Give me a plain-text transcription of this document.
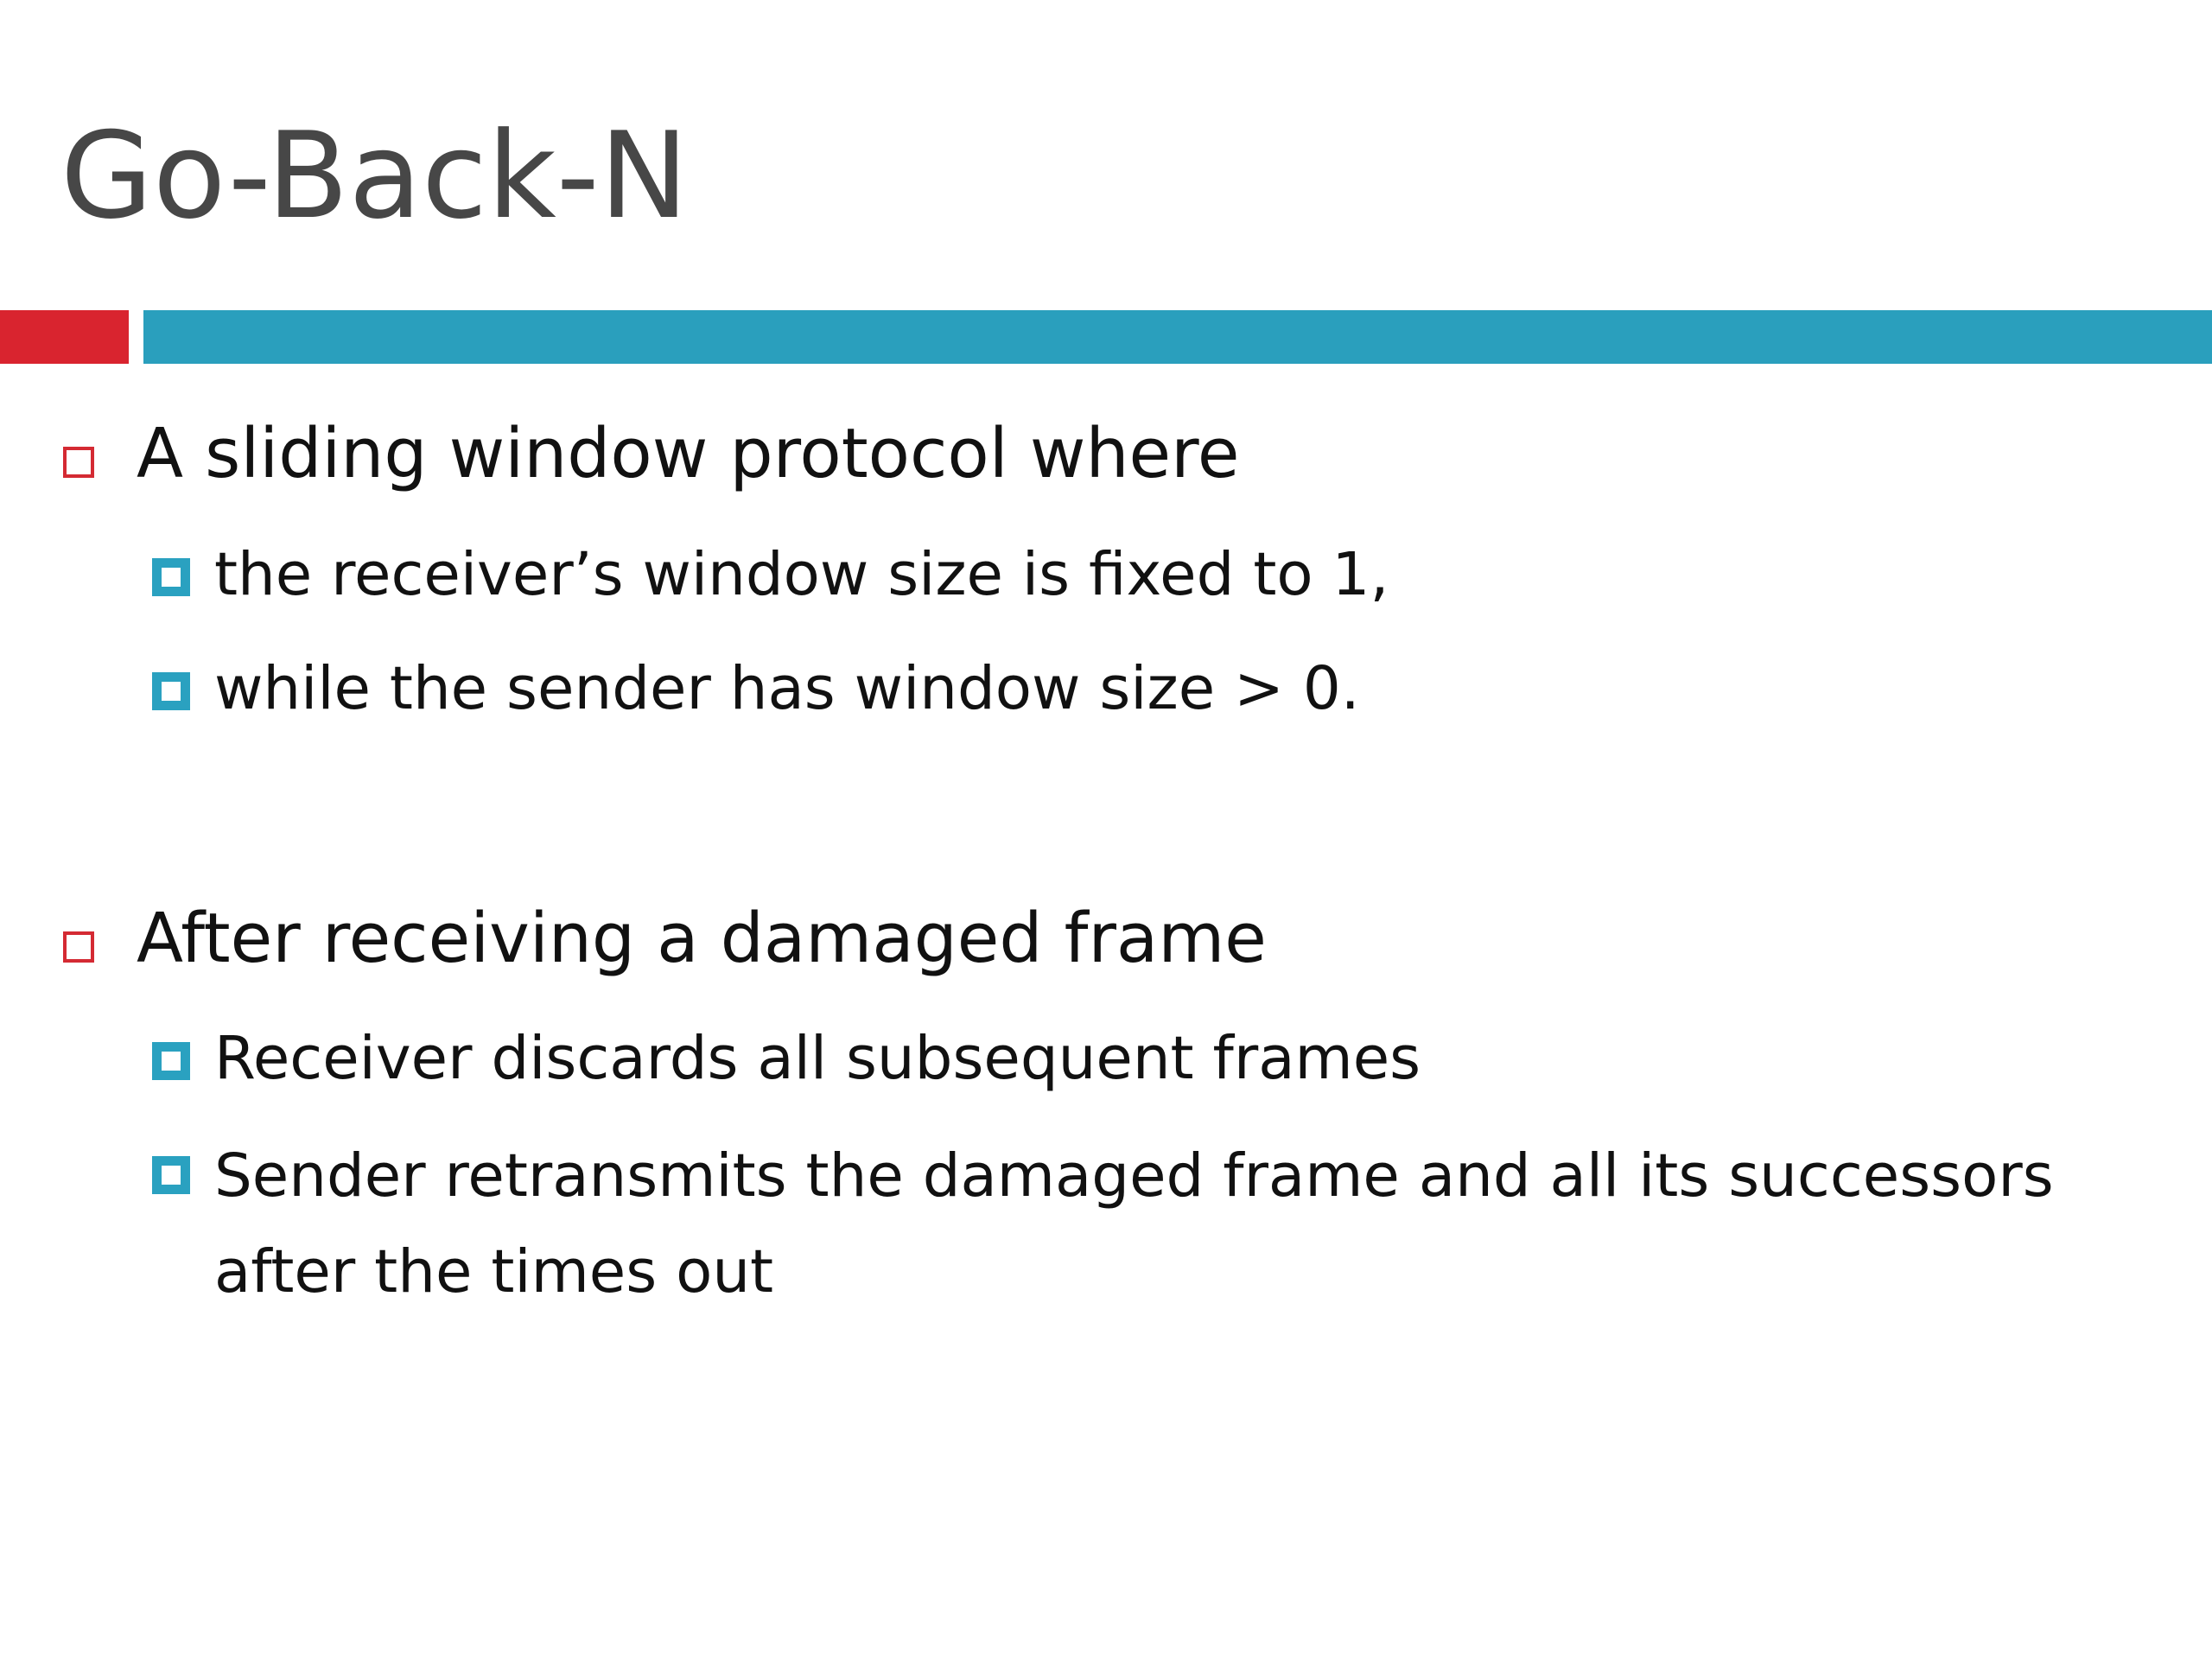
Go-Back-N
A sliding window protocol where
the receiver’s window size is fixed to 1,
while the sender has window size > 0.
After receiving a damaged frame
Receiver discards all subsequent frames
Sender retransmits the damaged frame and all its successors after the times out
